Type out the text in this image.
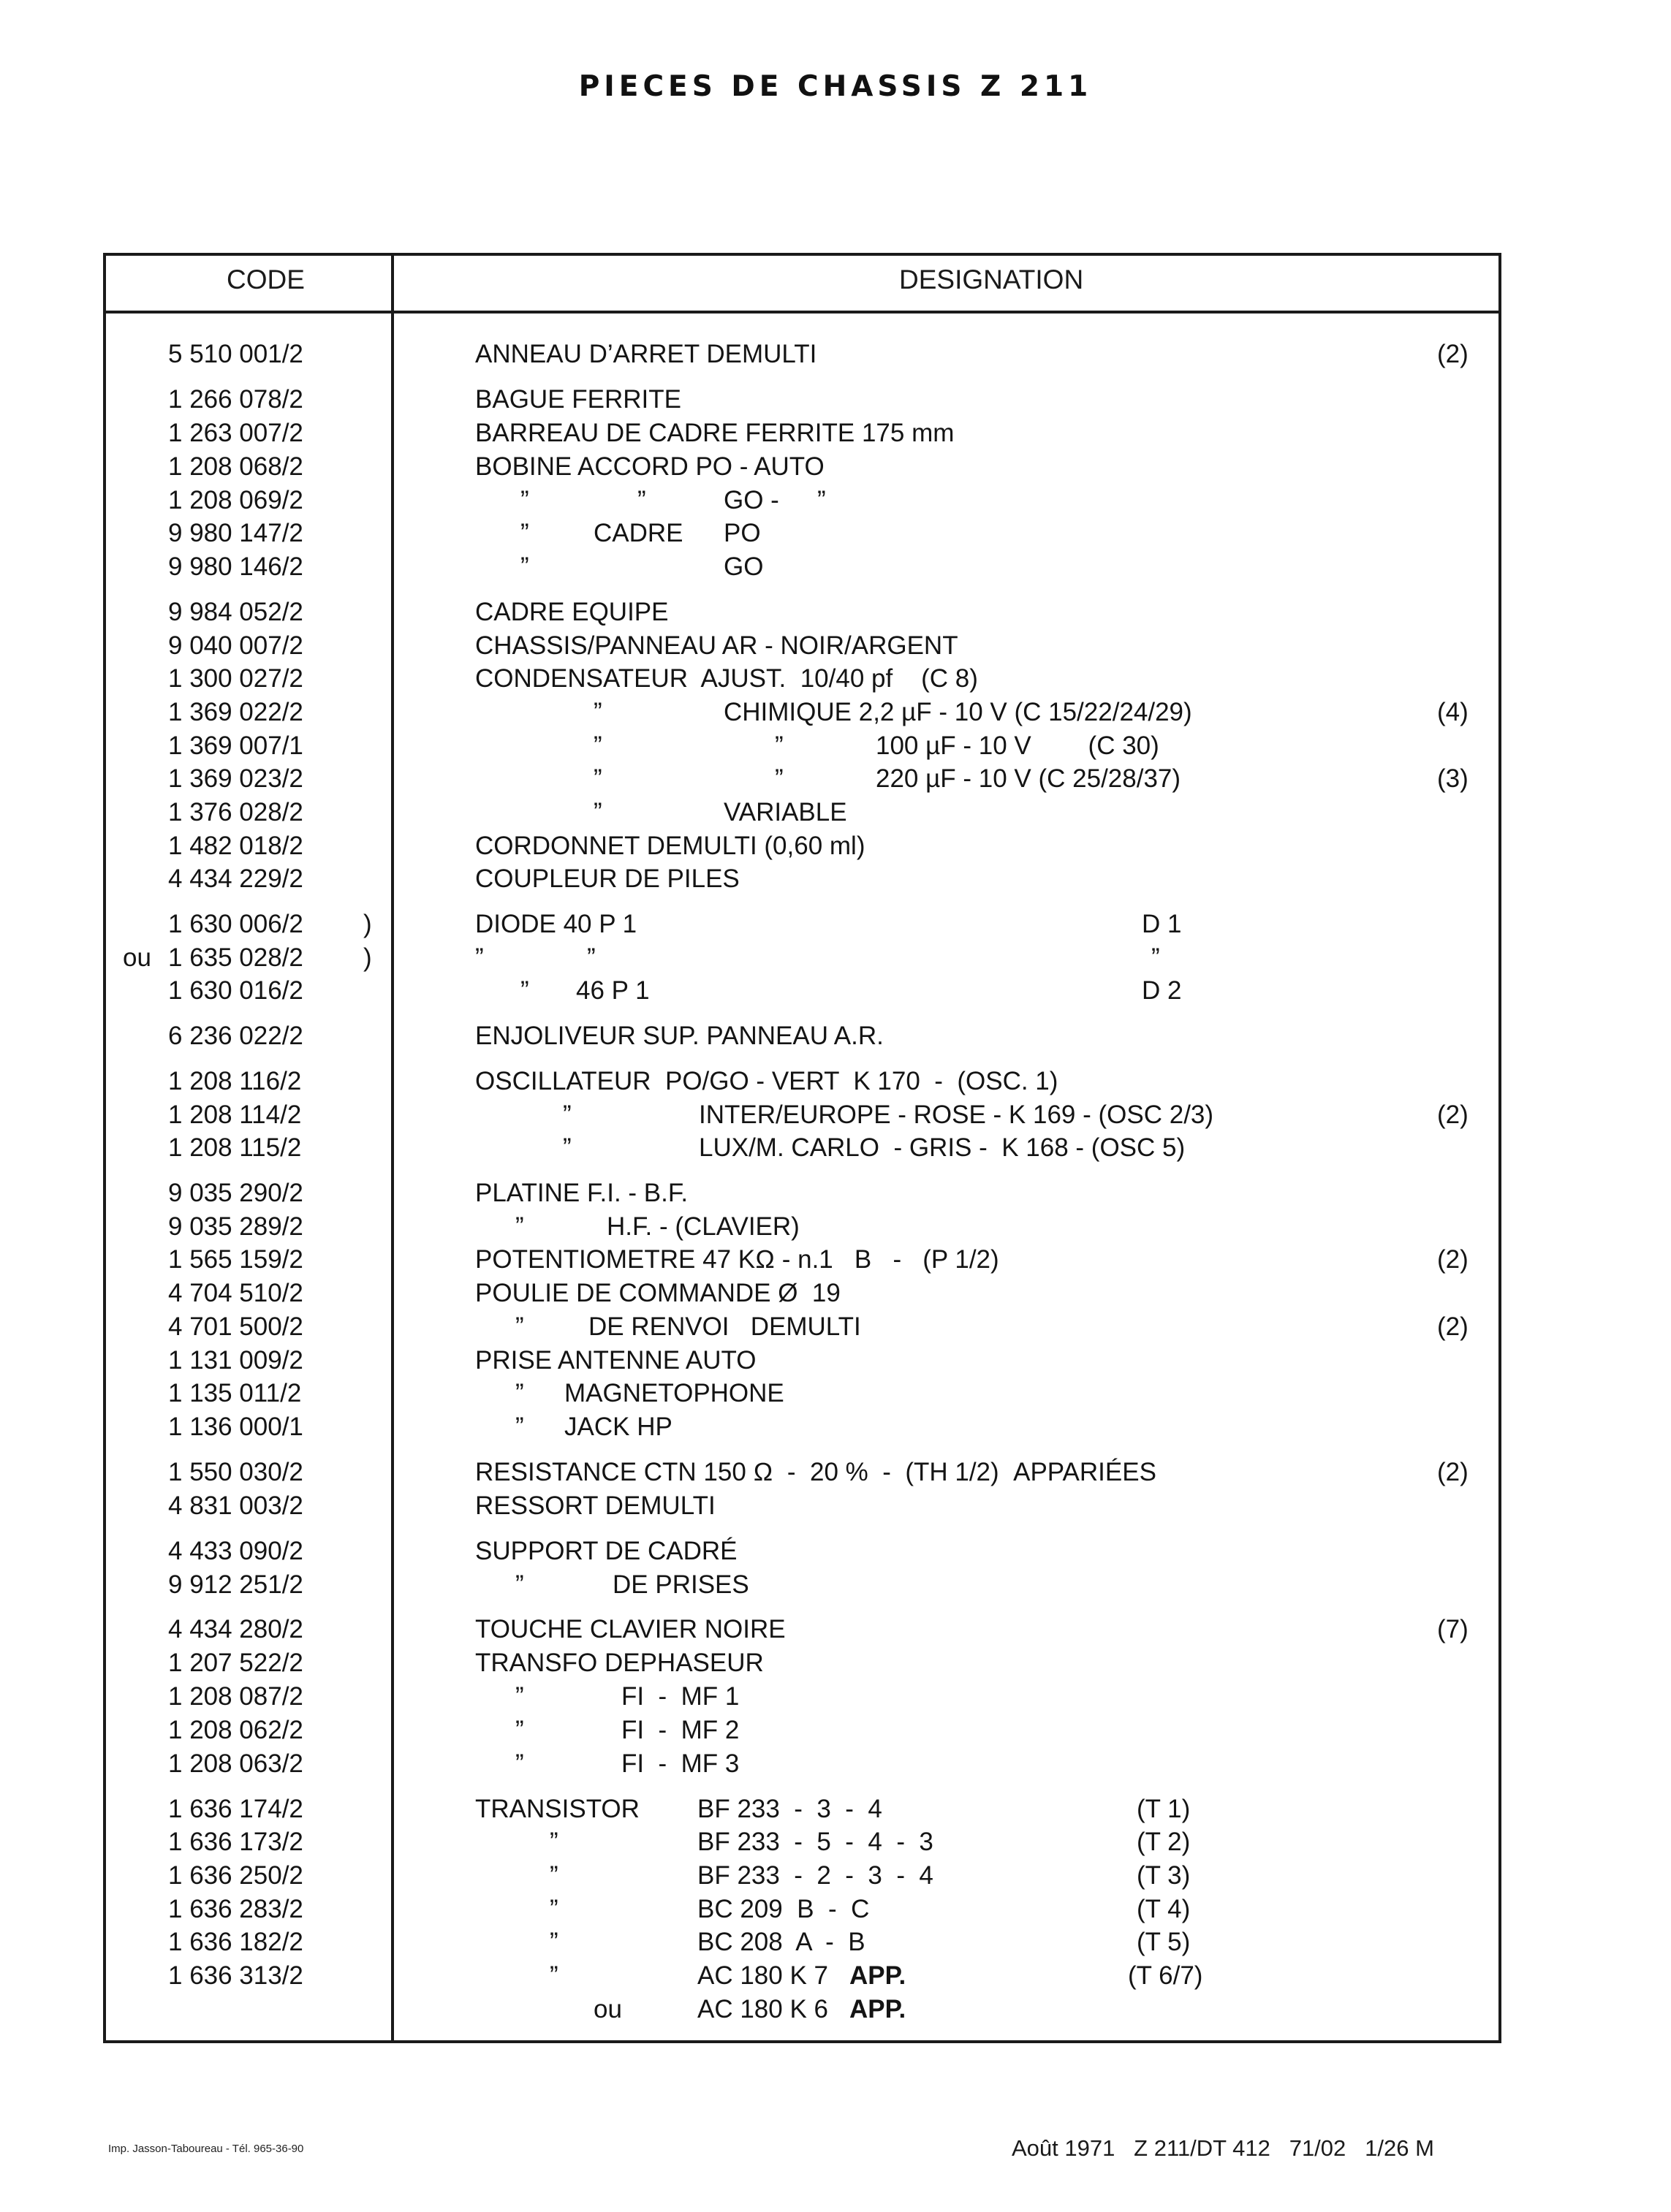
PIECES DE CHASSIS Z 211
CODE	DESIGNATION
5 510 001/2	ANNEAU D’ARRET DEMULTI	(2)
1 266 078/2	BAGUE FERRITE
1 263 007/2	BARREAU DE CADRE FERRITE 175 mm
1 208 068/2	BOBINE ACCORD PO - AUTO
1 208 069/2	”	”	GO - ”
9 980 147/2	”	CADRE PO
9 980 146/2	”	GO
9 984 052/2	CADRE EQUIPE
9 040 007/2	CHASSIS/PANNEAU AR - NOIR/ARGENT
1 300 027/2	CONDENSATEUR  AJUST.  10/40 pf    (C 8)
1 369 022/2	”	CHIMIQUE 2,2 µF - 10 V (C 15/22/24/29)	(4)
1 369 007/1	”	”	100 µF - 10 V        (C 30)
1 369 023/2	”	”	220 µF - 10 V (C 25/28/37)	(3)
1 376 028/2	”	VARIABLE
1 482 018/2	CORDONNET DEMULTI (0,60 ml)
4 434 229/2	COUPLEUR DE PILES
1 630 006/2 )	DIODE 40 P 1	D 1
ou 1 635 028/2 )	”	”	”
1 630 016/2	” 46 P 1	D 2
6 236 022/2	ENJOLIVEUR SUP. PANNEAU A.R.
1 208 116/2	OSCILLATEUR  PO/GO - VERT  K 170  -  (OSC. 1)
1 208 114/2	”	INTER/EUROPE - ROSE - K 169 - (OSC 2/3)	(2)
1 208 115/2	”	LUX/M. CARLO  - GRIS -  K 168 - (OSC 5)
9 035 290/2	PLATINE F.I. - B.F.
9 035 289/2	”	H.F. - (CLAVIER)
1 565 159/2	POTENTIOMETRE 47 KΩ - n.1   B   -   (P 1/2)	(2)
4 704 510/2	POULIE DE COMMANDE Ø  19
4 701 500/2	”	DE RENVOI   DEMULTI	(2)
1 131 009/2	PRISE ANTENNE AUTO
1 135 011/2	” MAGNETOPHONE
1 136 000/1	” JACK HP
1 550 030/2	RESISTANCE CTN 150 Ω  -  20 %  -  (TH 1/2)  APPARIÉES	(2)
4 831 003/2	RESSORT DEMULTI
4 433 090/2	SUPPORT DE CADRÉ
9 912 251/2	”	DE PRISES
4 434 280/2	TOUCHE CLAVIER NOIRE	(7)
1 207 522/2	TRANSFO DEPHASEUR
1 208 087/2	”	FI  -  MF 1
1 208 062/2	”	FI  -  MF 2
1 208 063/2	”	FI  -  MF 3
1 636 174/2	TRANSISTOR BF 233  -  3  -  4	(T 1)
1 636 173/2	”	BF 233  -  5  -  4  -  3	(T 2)
1 636 250/2	”	BF 233  -  2  -  3  -  4	(T 3)
1 636 283/2	”	BC 209  B  -  C	(T 4)
1 636 182/2	”	BC 208  A  -  B	(T 5)
1 636 313/2	”	AC 180 K 7 APP.	(T 6/7)
ou	AC 180 K 6 APP.
Imp. Jasson-Taboureau - Tél. 965-36-90	Août 1971   Z 211/DT 412   71/02   1/26 M
